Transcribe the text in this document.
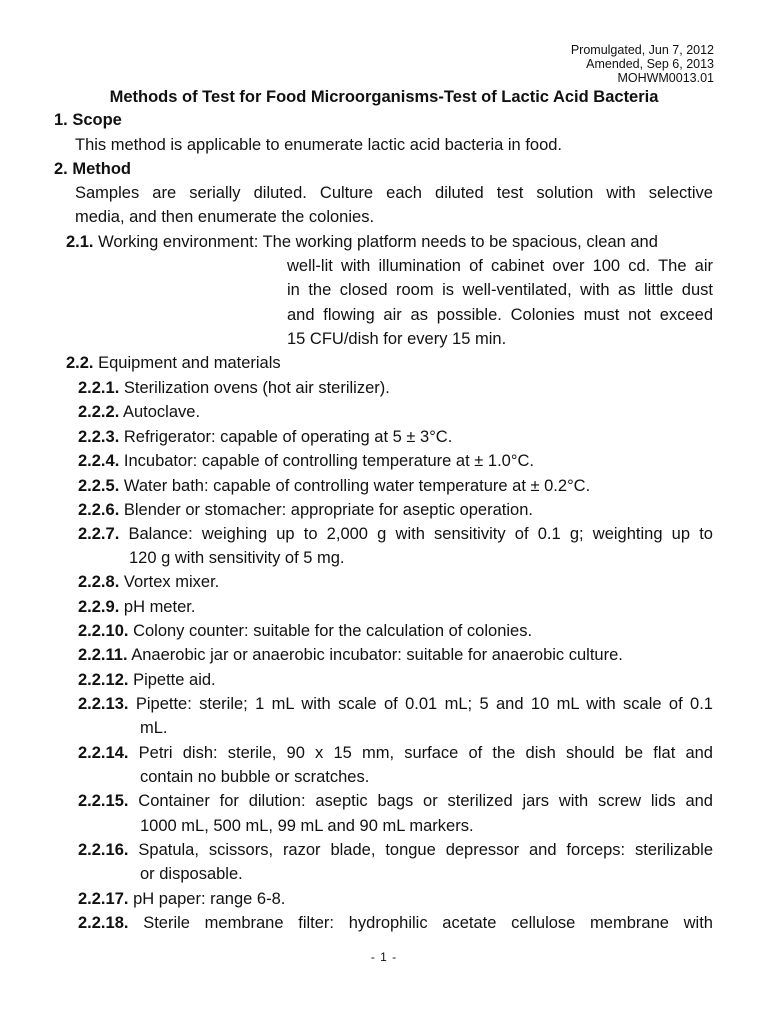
Promulgated, Jun 7, 2012
Amended, Sep 6, 2013
MOHWM0013.01
Methods of Test for Food Microorganisms-Test of Lactic Acid Bacteria
1. Scope
This method is applicable to enumerate lactic acid bacteria in food.
2. Method
Samples are serially diluted. Culture each diluted test solution with selective
media, and then enumerate the colonies.
2.1. Working environment: The working platform needs to be spacious, clean and
well-lit with illumination of cabinet over 100 cd. The air
in the closed room is well-ventilated, with as little dust
and flowing air as possible. Colonies must not exceed
15 CFU/dish for every 15 min.
2.2. Equipment and materials
2.2.1. Sterilization ovens (hot air sterilizer).
2.2.2. Autoclave.
2.2.3. Refrigerator: capable of operating at 5 ± 3°C.
2.2.4. Incubator: capable of controlling temperature at ± 1.0°C.
2.2.5. Water bath: capable of controlling water temperature at ± 0.2°C.
2.2.6. Blender or stomacher: appropriate for aseptic operation.
2.2.7. Balance: weighing up to 2,000 g with sensitivity of 0.1 g; weighting up to
120 g with sensitivity of 5 mg.
2.2.8. Vortex mixer.
2.2.9. pH meter.
2.2.10. Colony counter: suitable for the calculation of colonies.
2.2.11. Anaerobic jar or anaerobic incubator: suitable for anaerobic culture.
2.2.12. Pipette aid.
2.2.13. Pipette: sterile; 1 mL with scale of 0.01 mL; 5 and 10 mL with scale of 0.1
mL.
2.2.14. Petri dish: sterile, 90 x 15 mm, surface of the dish should be flat and
contain no bubble or scratches.
2.2.15. Container for dilution: aseptic bags or sterilized jars with screw lids and
1000 mL, 500 mL, 99 mL and 90 mL markers.
2.2.16. Spatula, scissors, razor blade, tongue depressor and forceps: sterilizable
or disposable.
2.2.17. pH paper: range 6-8.
2.2.18. Sterile membrane filter: hydrophilic acetate cellulose membrane with
- 1 -
